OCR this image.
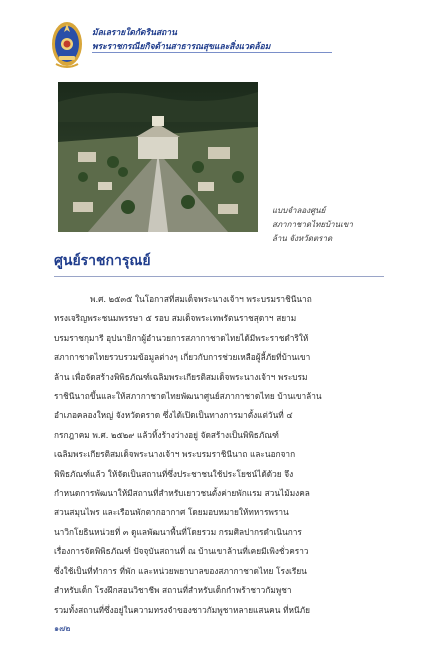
มัลเลรายใดกัดรินสถาน
พระราชกรณียกิจด้านสาธารณสุขและสิ่งแวดล้อม
แบบจำลองศูนย์
สภากาชาดไทยบ้านเขา
ล้าน จังหวัดตราด
ศูนย์ราชการุณย์
พ.ศ. ๒๕๓๕ ในโอกาสที่สมเด็จพระนางเจ้าฯ พระบรมราชินีนาถ
ทรงเจริญพระชนมพรรษา ๕ รอบ สมเด็จพระเทพรัตนราชสุดาฯ สยาม
บรมราชกุมารี อุปนายิกาผู้อำนวยการสภากาชาดไทยได้มีพระราชดำริให้
สภากาชาดไทยรวบรวมข้อมูลต่างๆ เกี่ยวกับการช่วยเหลือผู้ลี้ภัยที่บ้านเขา
ล้าน เพื่อจัดสร้างพิพิธภัณฑ์เฉลิมพระเกียรติสมเด็จพระนางเจ้าฯ พระบรม
ราชินีนาถขึ้นและให้สภากาชาดไทยพัฒนาศูนย์สภากาชาดไทย บ้านเขาล้าน
อำเภอคลองใหญ่ จังหวัดตราด ซึ่งได้เปิดเป็นทางการมาตั้งแต่วันที่ ๔
กรกฎาคม พ.ศ. ๒๕๒๙ แล้วทิ้งร้างว่างอยู่ จัดสร้างเป็นพิพิธภัณฑ์
เฉลิมพระเกียรติสมเด็จพระนางเจ้าฯ พระบรมราชินีนาถ และนอกจาก
พิพิธภัณฑ์แล้ว ให้จัดเป็นสถานที่ซึ่งประชาชนใช้ประโยชน์ได้ด้วย จึง
กำหนดการพัฒนาให้มีสถานที่สำหรับเยาวชนตั้งค่ายพักแรม สวนไม้มงคล
สวนสมุนไพร และเรือนพักตากอากาศ โดยมอบหมายให้ทหารพราน
นาวิกโยธินหน่วยที่ ๓ ดูแลพัฒนาพื้นที่โดยรวม กรมศิลปากรดำเนินการ
เรื่องการจัดพิพิธภัณฑ์ ปัจจุบันสถานที่ ณ บ้านเขาล้านที่เคยมีเพิงชั่วคราว
ซึ่งใช้เป็นที่ทำการ ที่พัก และหน่วยพยาบาลของสภากาชาดไทย โรงเรียน
สำหรับเด็ก โรงฝึกสอนวิชาชีพ สถานที่สำหรับเด็กกำพร้าชาวกัมพูชา
รวมทั้งสถานที่ซึ่งอยู่ในความทรงจำของชาวกัมพูชาหลายแสนคน ที่หนีภัย
๑๗๒
